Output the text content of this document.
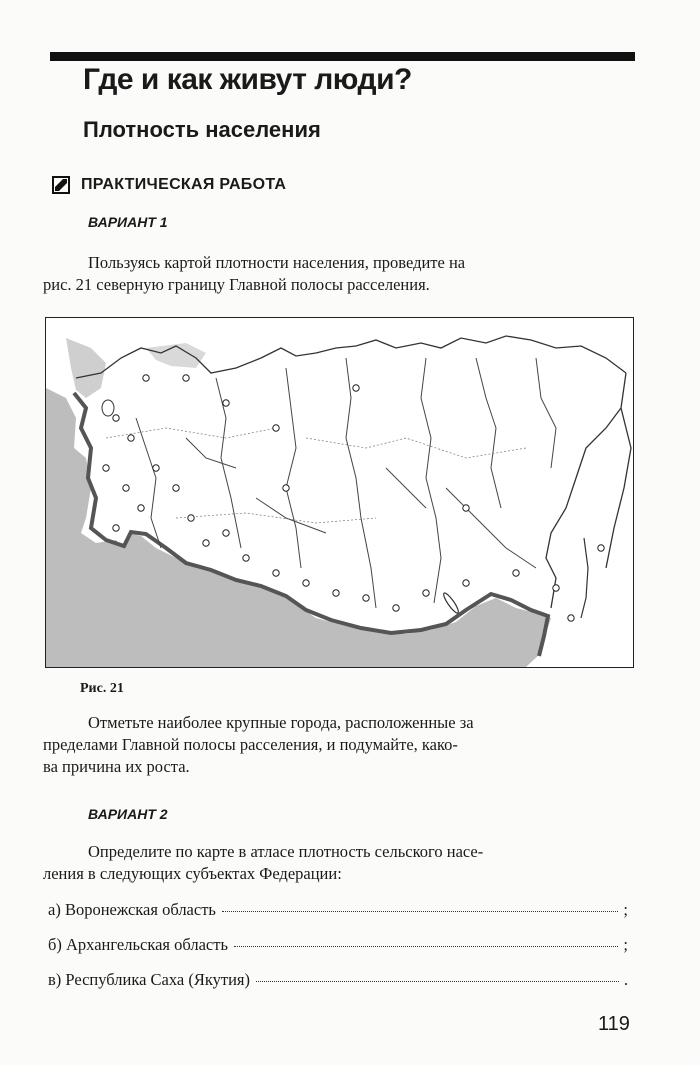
Где и как живут люди?
Плотность населения
ПРАКТИЧЕСКАЯ РАБОТА
ВАРИАНТ 1
Пользуясь картой плотности населения, проведите на
рис. 21 северную границу Главной полосы расселения.
Рис. 21
Отметьте наиболее крупные города, расположенные за
пределами Главной полосы расселения, и подумайте, како-
ва причина их роста.
ВАРИАНТ 2
Определите по карте в атласе плотность сельского насе-
ления в следующих субъектах Федерации:
а) Воронежская область	;
б) Архангельская область	;
в) Республика Саха (Якутия)	.
119
